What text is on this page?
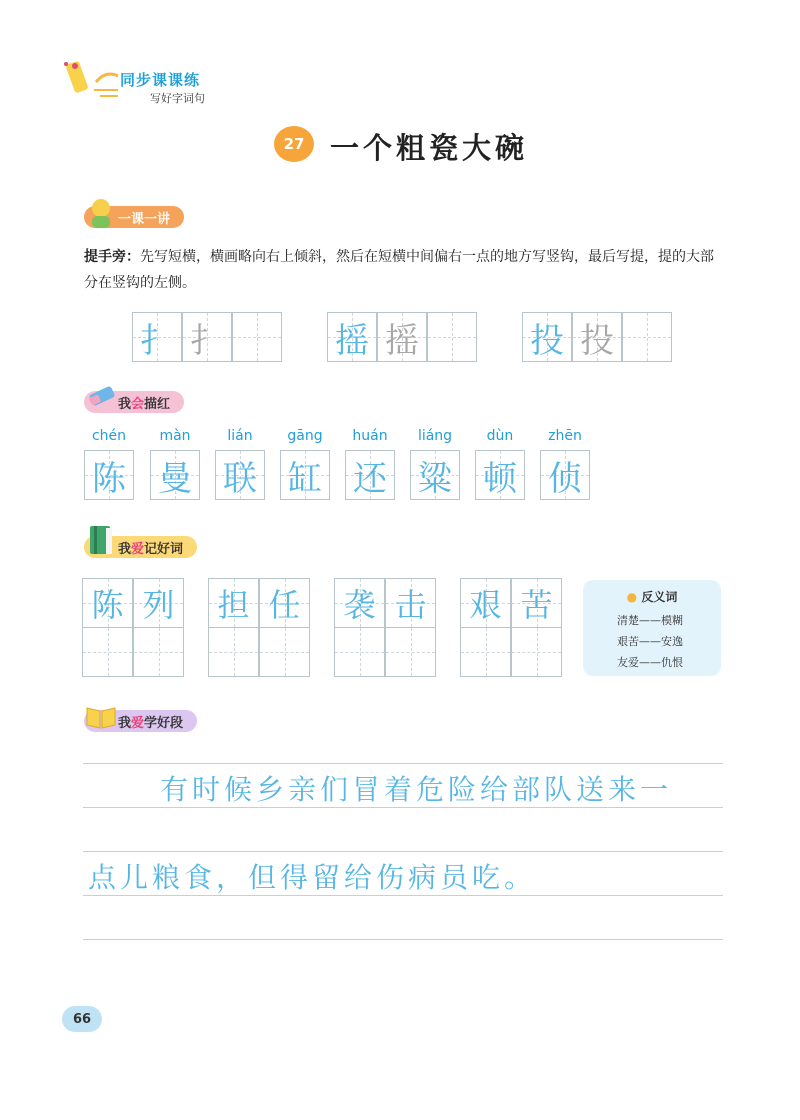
同步课课练
写好字词句
27 一个粗瓷大碗
一课一讲
提手旁：先写短横，横画略向右上倾斜，然后在短横中间偏右一点的地方写竖钩，最后写提，提的大部分在竖钩的左侧。
扌 扌	摇 摇	投 投
我 会 描红
chén	màn	lián	gāng	huán	liáng	dùn	zhēn
陈 曼 联 缸 还 粱 顿 侦
我 爱 记好词
陈 列 担 任 袭 击 艰 苦	● 反义词
清楚——模糊
艰苦——安逸
友爱——仇恨
我 爱 学好段
有时候乡亲们冒着危险给部队送来一
点儿粮食，但得留给伤病员吃。
66
